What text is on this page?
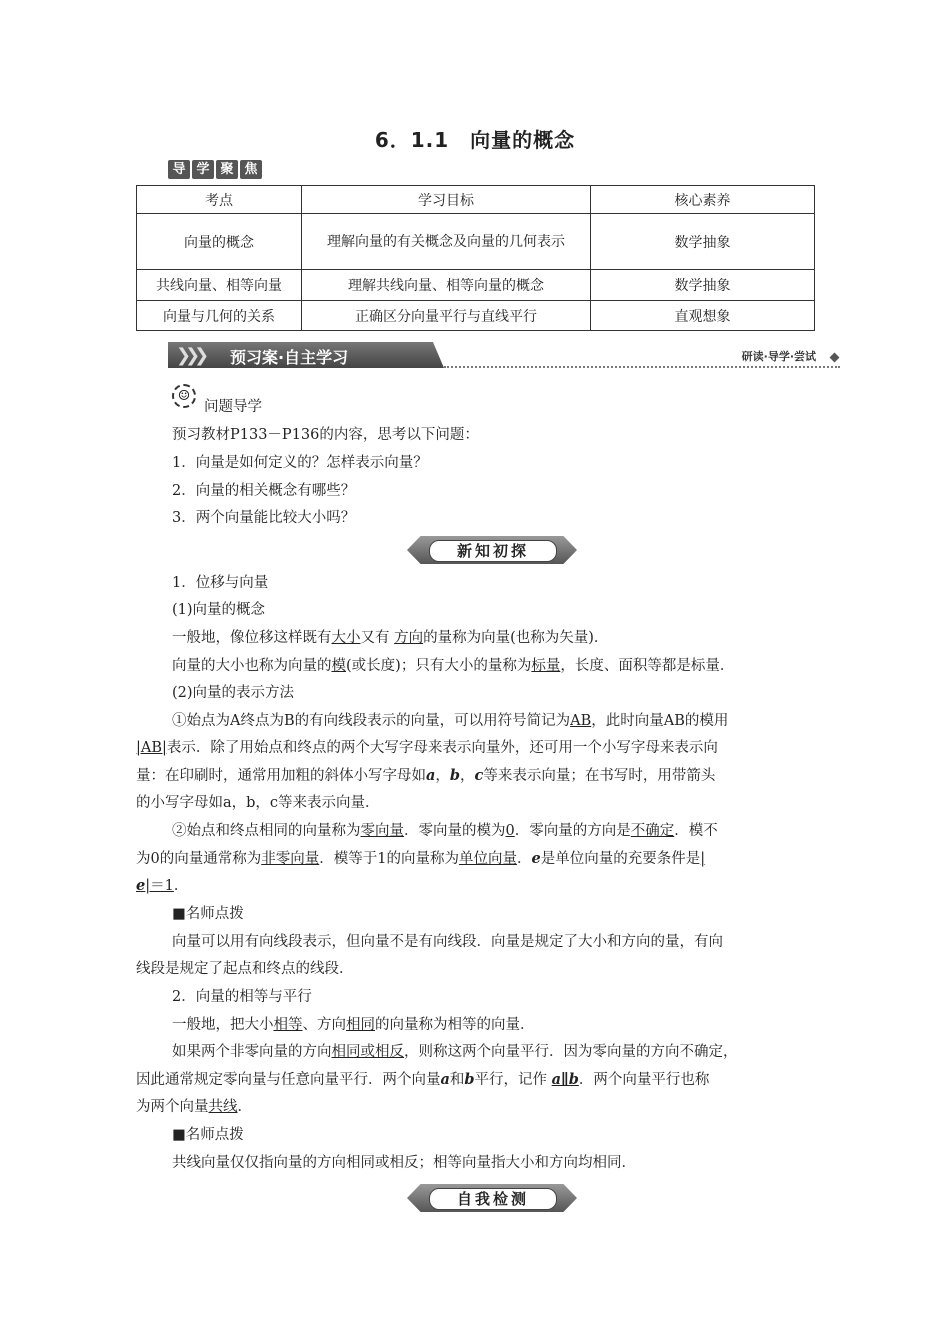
6．1.1　向量的概念
导 学 聚 焦
考点	学习目标	核心素养
向量的概念	理解向量的有关概念及向量的几何表示	数学抽象
共线向量、相等向量	理解共线向量、相等向量的概念	数学抽象
向量与几何的关系	正确区分向量平行与直线平行	直观想象
❯❯❯ 预习案·自主学习	研读·导学·尝试
☺
问题导学
预习教材P133－P136的内容，思考以下问题：
1．向量是如何定义的？怎样表示向量？
2．向量的相关概念有哪些？
3．两个向量能比较大小吗？
新知初探
1．位移与向量
(1)向量的概念
一般地，像位移这样既有大小又有 方向的量称为向量(也称为矢量)．
向量的大小也称为向量的模(或长度)；只有大小的量称为标量，长度、面积等都是标量．
(2)向量的表示方法
①始点为A终点为B的有向线段表示的向量，可以用符号简记为AB，此时向量AB的模用
|AB|表示．除了用始点和终点的两个大写字母来表示向量外，还可用一个小写字母来表示向
量：在印刷时，通常用加粗的斜体小写字母如a，b，c等来表示向量；在书写时，用带箭头
的小写字母如a，b，c等来表示向量．
②始点和终点相同的向量称为零向量．零向量的模为0．零向量的方向是不确定．模不
为0的向量通常称为非零向量．模等于1的向量称为单位向量．e是单位向量的充要条件是|
e|＝1．
■名师点拨
向量可以用有向线段表示，但向量不是有向线段．向量是规定了大小和方向的量，有向
线段是规定了起点和终点的线段．
2．向量的相等与平行
一般地，把大小相等、方向相同的向量称为相等的向量．
如果两个非零向量的方向相同或相反，则称这两个向量平行．因为零向量的方向不确定，
因此通常规定零向量与任意向量平行．两个向量a和b平行，记作 a∥b．两个向量平行也称
为两个向量共线．
■名师点拨
共线向量仅仅指向量的方向相同或相反；相等向量指大小和方向均相同．
自我检测
